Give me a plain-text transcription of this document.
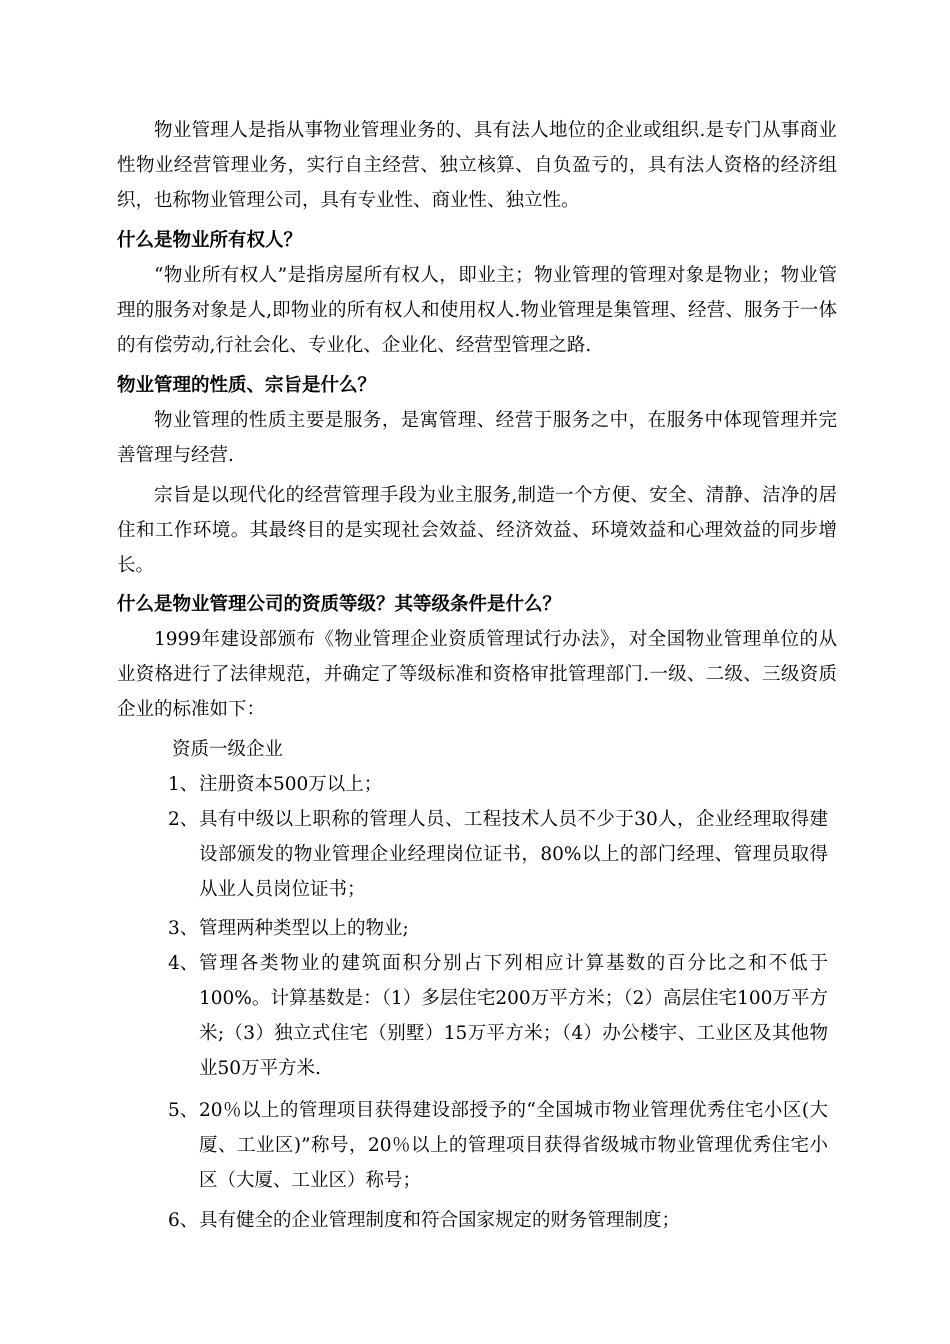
物业管理人是指从事物业管理业务的、具有法人地位的企业或组织.是专门从事商业性物业经营管理业务，实行自主经营、独立核算、自负盈亏的，具有法人资格的经济组织，也称物业管理公司，具有专业性、商业性、独立性。

什么是物业所有权人？

“物业所有权人”是指房屋所有权人，即业主；物业管理的管理对象是物业；物业管理的服务对象是人,即物业的所有权人和使用权人.物业管理是集管理、经营、服务于一体的有偿劳动,行社会化、专业化、企业化、经营型管理之路.

物业管理的性质、宗旨是什么？

物业管理的性质主要是服务，是寓管理、经营于服务之中，在服务中体现管理并完善管理与经营.

宗旨是以现代化的经营管理手段为业主服务,制造一个方便、安全、清静、洁净的居住和工作环境。其最终目的是实现社会效益、经济效益、环境效益和心理效益的同步增长。

什么是物业管理公司的资质等级？其等级条件是什么？

1999年建设部颁布《物业管理企业资质管理试行办法》，对全国物业管理单位的从业资格进行了法律规范，并确定了等级标准和资格审批管理部门.一级、二级、三级资质企业的标准如下：

资质一级企业

1、 注册资本500万以上；
2、 具有中级以上职称的管理人员、工程技术人员不少于30人，企业经理取得建设部颁发的物业管理企业经理岗位证书，80%以上的部门经理、管理员取得从业人员岗位证书；
3、 管理两种类型以上的物业;
4、 管理各类物业的建筑面积分别占下列相应计算基数的百分比之和不低于100%。计算基数是：（1）多层住宅200万平方米；（2）高层住宅100万平方米;（3）独立式住宅（别墅）15万平方米；（4）办公楼宇、工业区及其他物业50万平方米.
5、 20％以上的管理项目获得建设部授予的“全国城市物业管理优秀住宅小区(大厦、工业区)”称号，20％以上的管理项目获得省级城市物业管理优秀住宅小区（大厦、工业区）称号；
6、 具有健全的企业管理制度和符合国家规定的财务管理制度；
